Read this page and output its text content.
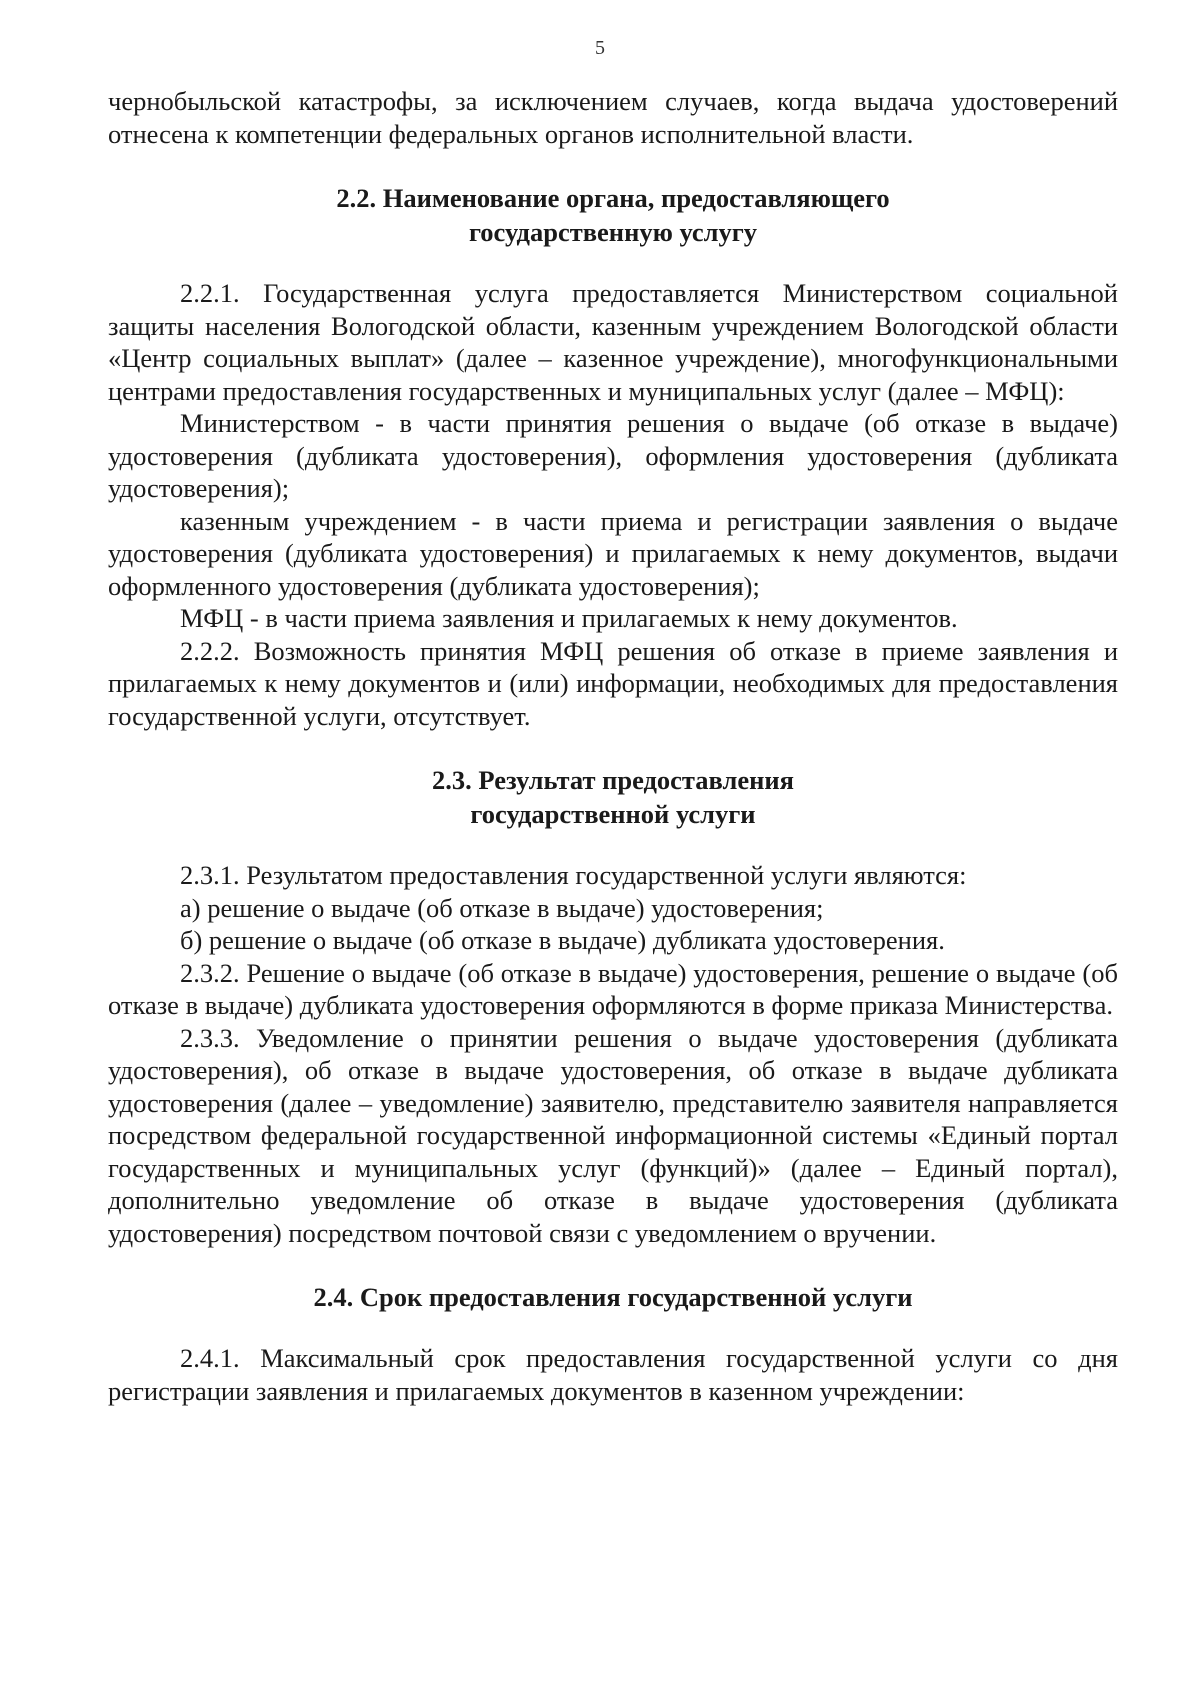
5

чернобыльской катастрофы, за исключением случаев, когда выдача удостоверений отнесена к компетенции федеральных органов исполнительной власти.

2.2. Наименование органа, предоставляющего
государственную услугу

2.2.1. Государственная услуга предоставляется Министерством социальной защиты населения Вологодской области, казенным учреждением Вологодской области «Центр социальных выплат» (далее – казенное учреждение), многофункциональными центрами предоставления государственных и муниципальных услуг (далее – МФЦ):

Министерством - в части принятия решения о выдаче (об отказе в выдаче) удостоверения (дубликата удостоверения), оформления удостоверения (дубликата удостоверения);

казенным учреждением - в части приема и регистрации заявления о выдаче удостоверения (дубликата удостоверения) и прилагаемых к нему документов, выдачи оформленного удостоверения (дубликата удостоверения);

МФЦ - в части приема заявления и прилагаемых к нему документов.

2.2.2. Возможность принятия МФЦ решения об отказе в приеме заявления и прилагаемых к нему документов и (или) информации, необходимых для предоставления государственной услуги, отсутствует.

2.3. Результат предоставления
государственной услуги

2.3.1. Результатом предоставления государственной услуги являются:

а) решение о выдаче (об отказе в выдаче) удостоверения;

б) решение о выдаче (об отказе в выдаче) дубликата удостоверения.

2.3.2. Решение о выдаче (об отказе в выдаче) удостоверения, решение о выдаче (об отказе в выдаче) дубликата удостоверения оформляются в форме приказа Министерства.

2.3.3. Уведомление о принятии решения о выдаче удостоверения (дубликата удостоверения), об отказе в выдаче удостоверения, об отказе в выдаче дубликата удостоверения (далее – уведомление) заявителю, представителю заявителя направляется посредством федеральной государственной информационной системы «Единый портал государственных и муниципальных услуг (функций)» (далее – Единый портал), дополнительно уведомление об отказе в выдаче удостоверения (дубликата удостоверения) посредством почтовой связи с уведомлением о вручении.

2.4. Срок предоставления государственной услуги

2.4.1. Максимальный срок предоставления государственной услуги со дня регистрации заявления и прилагаемых документов в казенном учреждении:
